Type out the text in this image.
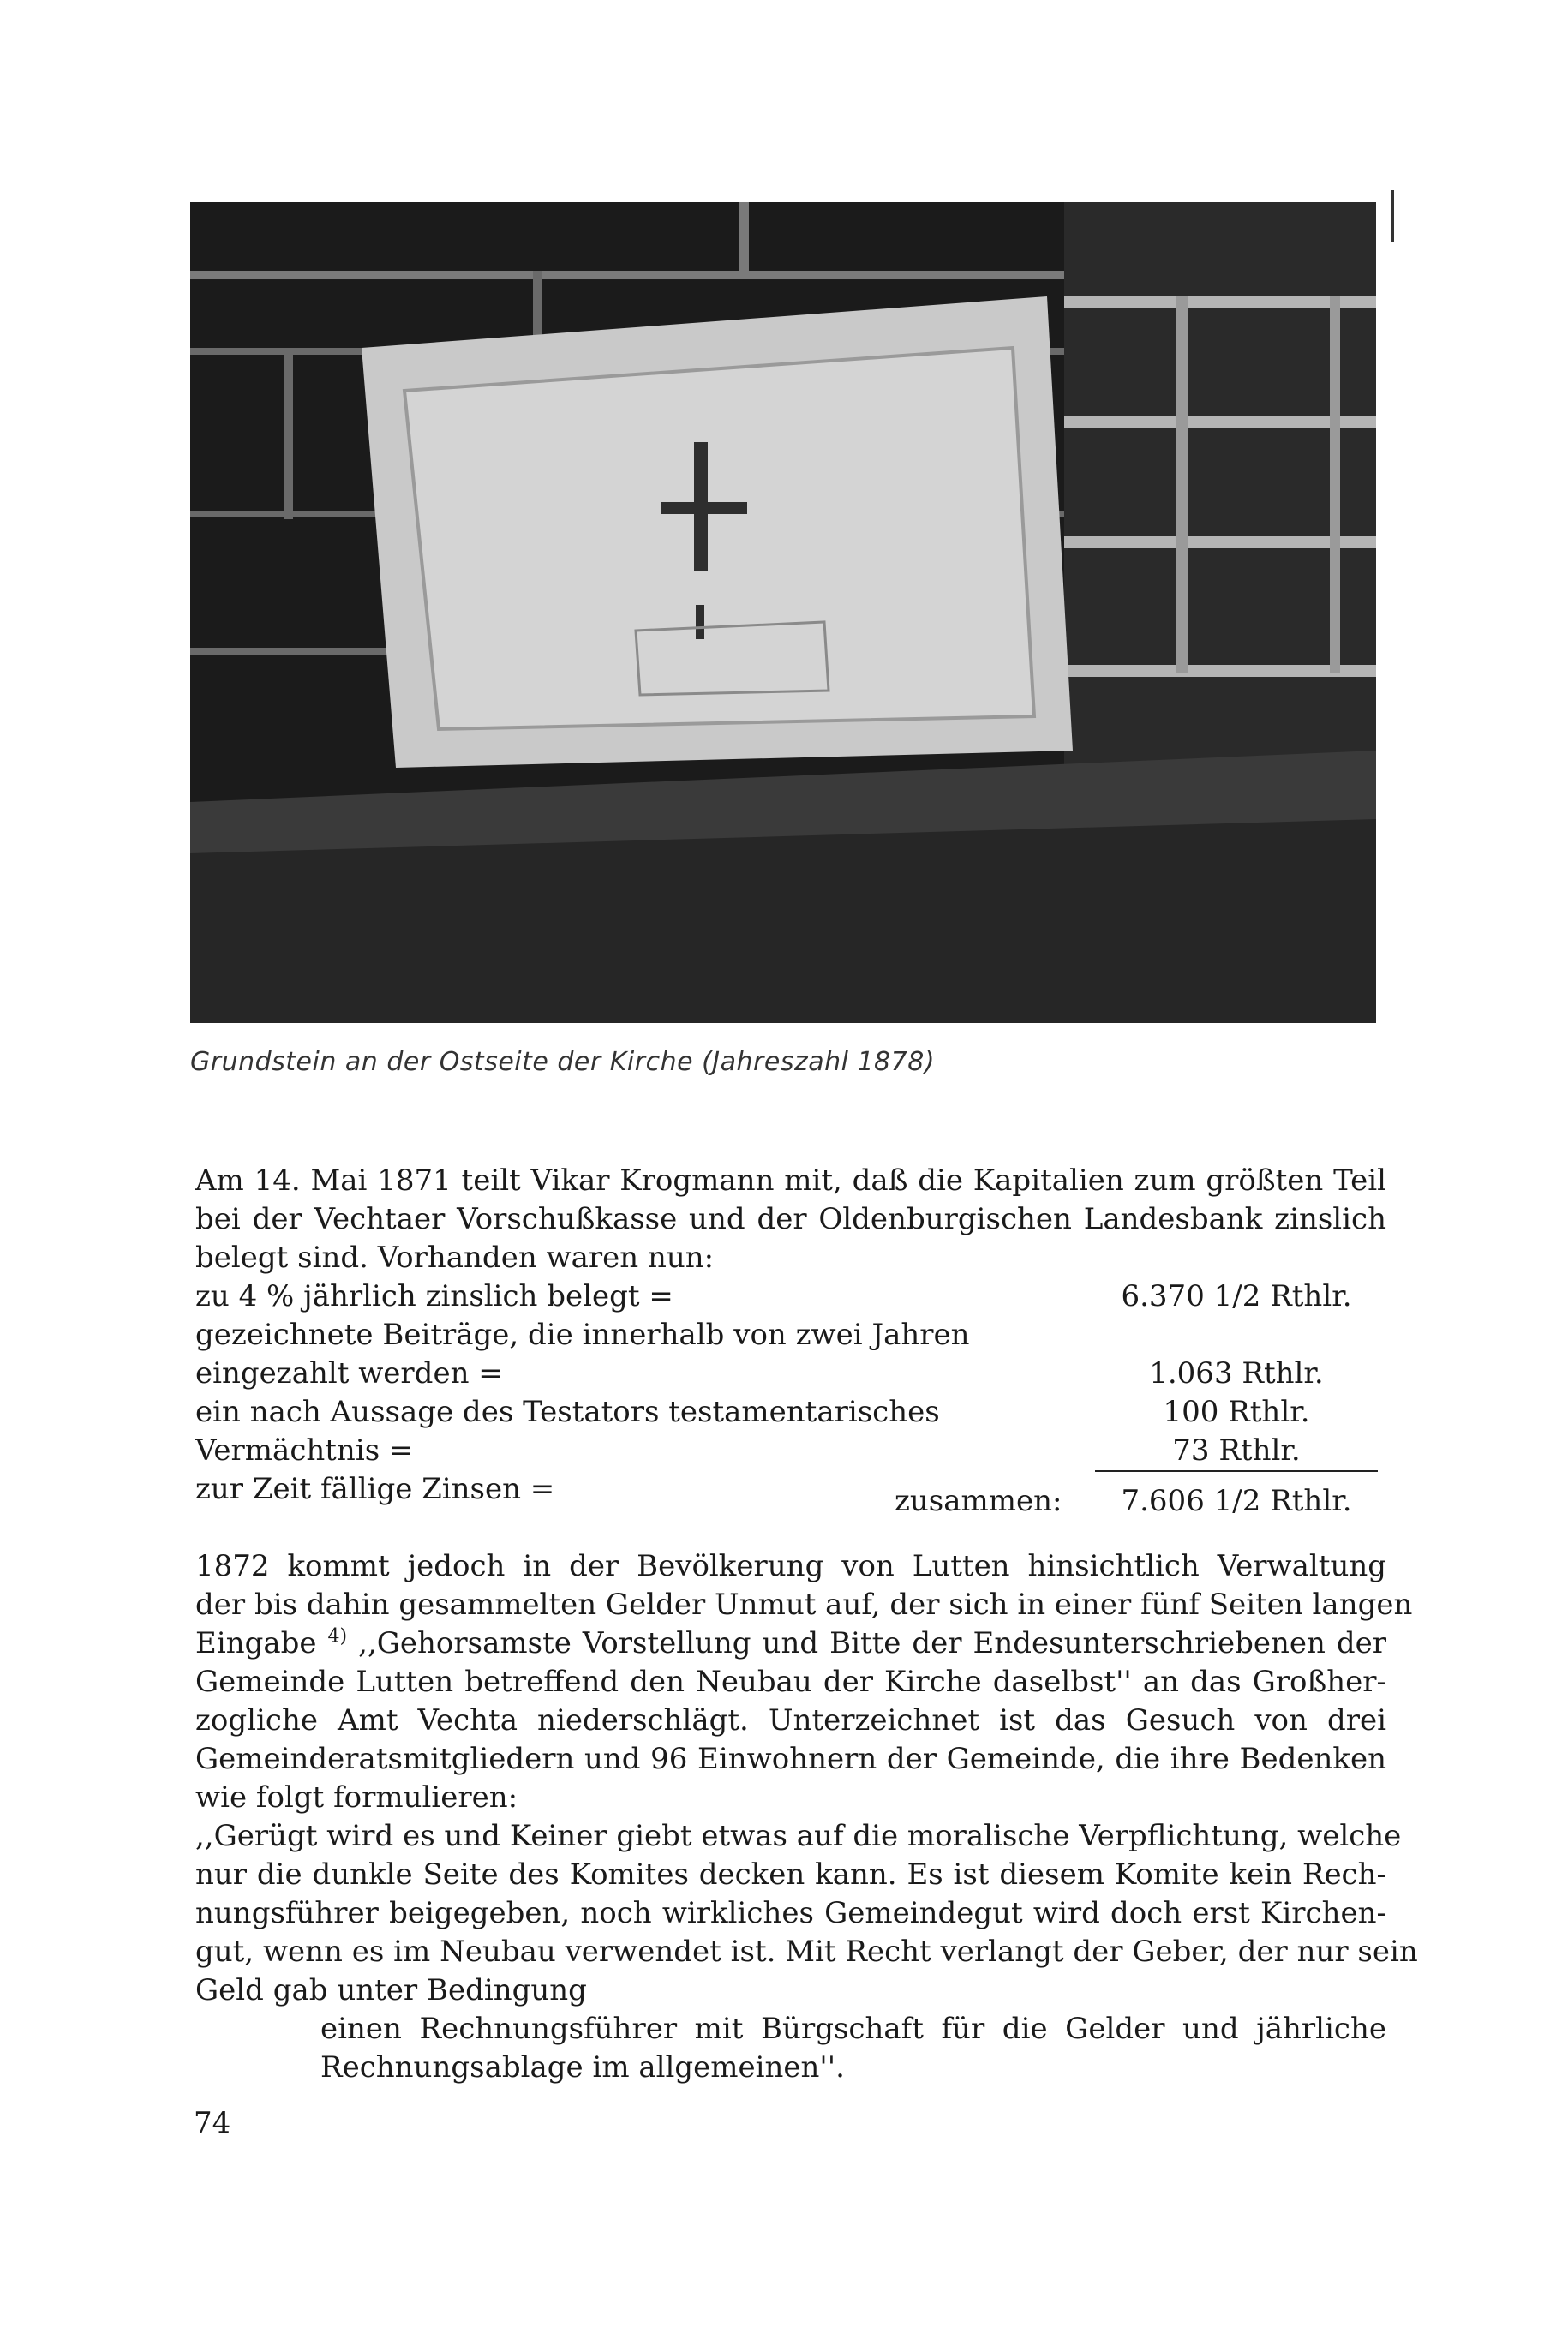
Grundstein an der Ostseite der Kirche (Jahreszahl 1878)
Am 14. Mai 1871 teilt Vikar Krogmann mit, daß die Kapitalien zum größten Teil
bei der Vechtaer Vorschußkasse und der Oldenburgischen Landesbank zinslich
belegt sind. Vorhanden waren nun:
zu 4 % jährlich zinslich belegt =	6.370 1/2 Rthlr.
gezeichnete Beiträge, die innerhalb von zwei Jahren
eingezahlt werden =	1.063 Rthlr.
ein nach Aussage des Testators testamentarisches	100 Rthlr.
Vermächtnis =	73 Rthlr.
zur Zeit fällige Zinsen =	zusammen:	7.606 1/2 Rthlr.
1872 kommt jedoch in der Bevölkerung von Lutten hinsichtlich Verwaltung
der bis dahin gesammelten Gelder Unmut auf, der sich in einer fünf Seiten langen
Eingabe $^{4)}$ ,,Gehorsamste Vorstellung und Bitte der Endesunterschriebenen der
Gemeinde Lutten betreffend den Neubau der Kirche daselbst'' an das Großher-
zogliche Amt Vechta niederschlägt. Unterzeichnet ist das Gesuch von drei
Gemeinderatsmitgliedern und 96 Einwohnern der Gemeinde, die ihre Bedenken
wie folgt formulieren:
,,Gerügt wird es und Keiner giebt etwas auf die moralische Verpflichtung, welche
nur die dunkle Seite des Komites decken kann. Es ist diesem Komite kein Rech-
nungsführer beigegeben, noch wirkliches Gemeindegut wird doch erst Kirchen-
gut, wenn es im Neubau verwendet ist. Mit Recht verlangt der Geber, der nur sein
Geld gab unter Bedingung
einen Rechnungsführer mit Bürgschaft für die Gelder und jährliche
Rechnungsablage im allgemeinen''.
74
